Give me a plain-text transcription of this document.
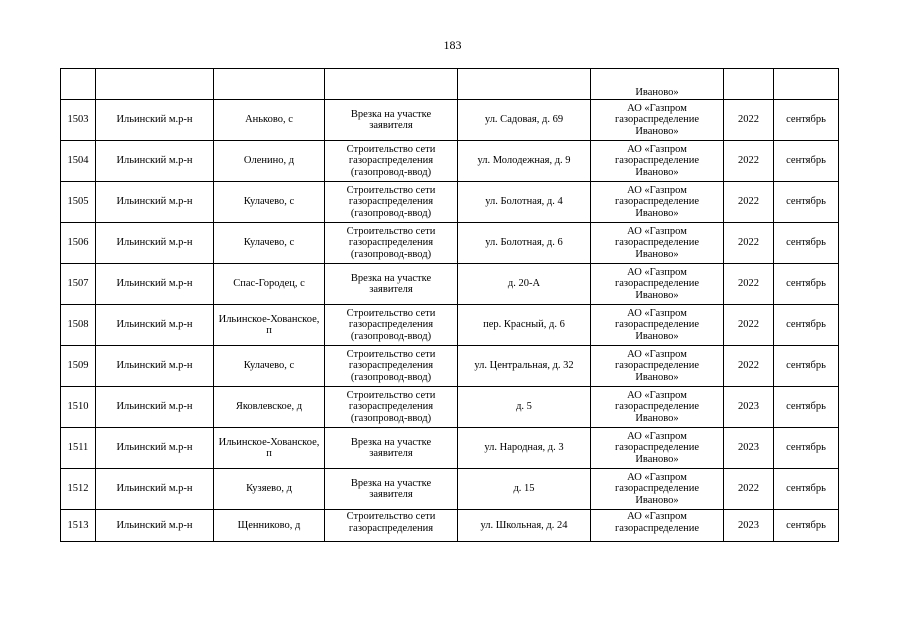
183
					Иваново»		
1503	Ильинский м.р-н	Аньково, с	Врезка на участке
заявителя	ул. Садовая, д. 69	АО «Газпром
газораспределение
Иваново»	2022	сентябрь
1504	Ильинский м.р-н	Оленино, д	Строительство сети
газораспределения
(газопровод-ввод)	ул. Молодежная, д. 9	АО «Газпром
газораспределение
Иваново»	2022	сентябрь
1505	Ильинский м.р-н	Кулачево, с	Строительство сети
газораспределения
(газопровод-ввод)	ул. Болотная, д. 4	АО «Газпром
газораспределение
Иваново»	2022	сентябрь
1506	Ильинский м.р-н	Кулачево, с	Строительство сети
газораспределения
(газопровод-ввод)	ул. Болотная, д. 6	АО «Газпром
газораспределение
Иваново»	2022	сентябрь
1507	Ильинский м.р-н	Спас-Городец, с	Врезка на участке
заявителя	д. 20-А	АО «Газпром
газораспределение
Иваново»	2022	сентябрь
1508	Ильинский м.р-н	Ильинское-Хованское, п	Строительство сети
газораспределения
(газопровод-ввод)	пер. Красный, д. 6	АО «Газпром
газораспределение
Иваново»	2022	сентябрь
1509	Ильинский м.р-н	Кулачево, с	Строительство сети
газораспределения
(газопровод-ввод)	ул. Центральная, д. 32	АО «Газпром
газораспределение
Иваново»	2022	сентябрь
1510	Ильинский м.р-н	Яковлевское, д	Строительство сети
газораспределения
(газопровод-ввод)	д. 5	АО «Газпром
газораспределение
Иваново»	2023	сентябрь
1511	Ильинский м.р-н	Ильинское-Хованское, п	Врезка на участке
заявителя	ул. Народная, д. 3	АО «Газпром
газораспределение
Иваново»	2023	сентябрь
1512	Ильинский м.р-н	Кузяево, д	Врезка на участке
заявителя	д. 15	АО «Газпром
газораспределение
Иваново»	2022	сентябрь
1513	Ильинский м.р-н	Щенниково, д	Строительство сети
газораспределения	ул. Школьная, д. 24	АО «Газпром
газораспределение	2023	сентябрь
